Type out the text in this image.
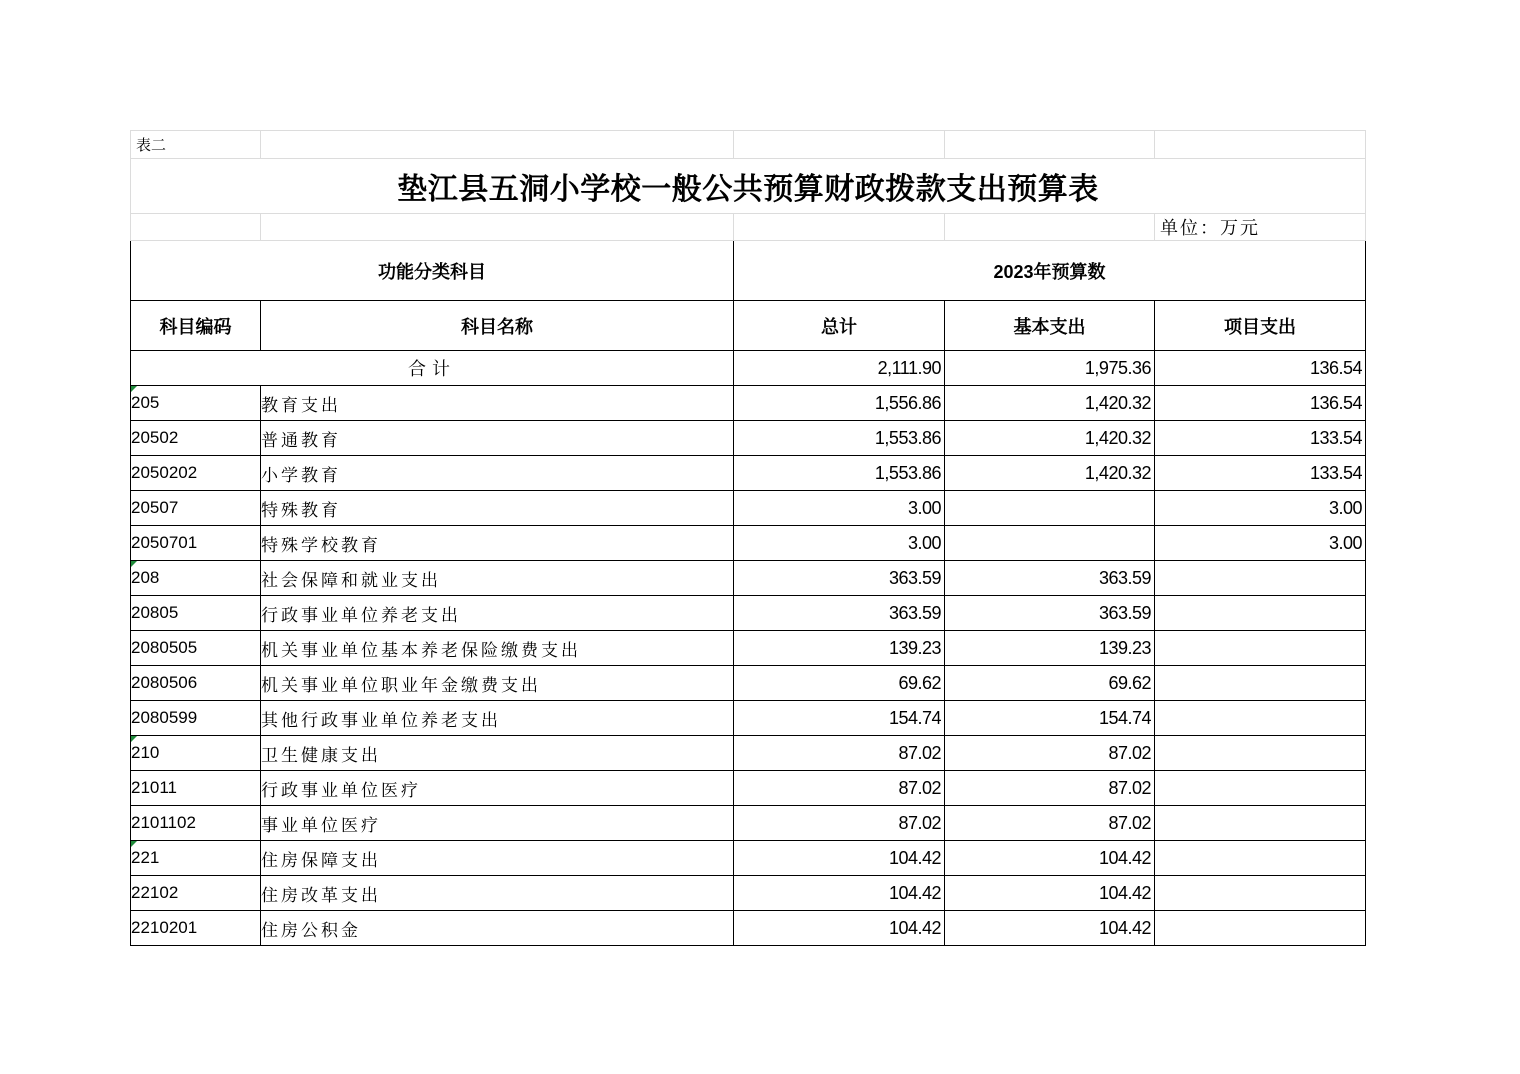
表二				
垫江县五洞小学校一般公共预算财政拨款支出预算表				
				单位：万元
功能分类科目		2023年预算数		
科目编码	科目名称	总计	基本支出	项目支出
合计		2,111.90	1,975.36	136.54
205	教育支出	1,556.86	1,420.32	136.54
20502	普通教育	1,553.86	1,420.32	133.54
2050202	小学教育	1,553.86	1,420.32	133.54
20507	特殊教育	3.00		3.00
2050701	特殊学校教育	3.00		3.00
208	社会保障和就业支出	363.59	363.59	
20805	行政事业单位养老支出	363.59	363.59	
2080505	机关事业单位基本养老保险缴费支出	139.23	139.23	
2080506	机关事业单位职业年金缴费支出	69.62	69.62	
2080599	其他行政事业单位养老支出	154.74	154.74	
210	卫生健康支出	87.02	87.02	
21011	行政事业单位医疗	87.02	87.02	
2101102	事业单位医疗	87.02	87.02	
221	住房保障支出	104.42	104.42	
22102	住房改革支出	104.42	104.42	
2210201	住房公积金	104.42	104.42	
